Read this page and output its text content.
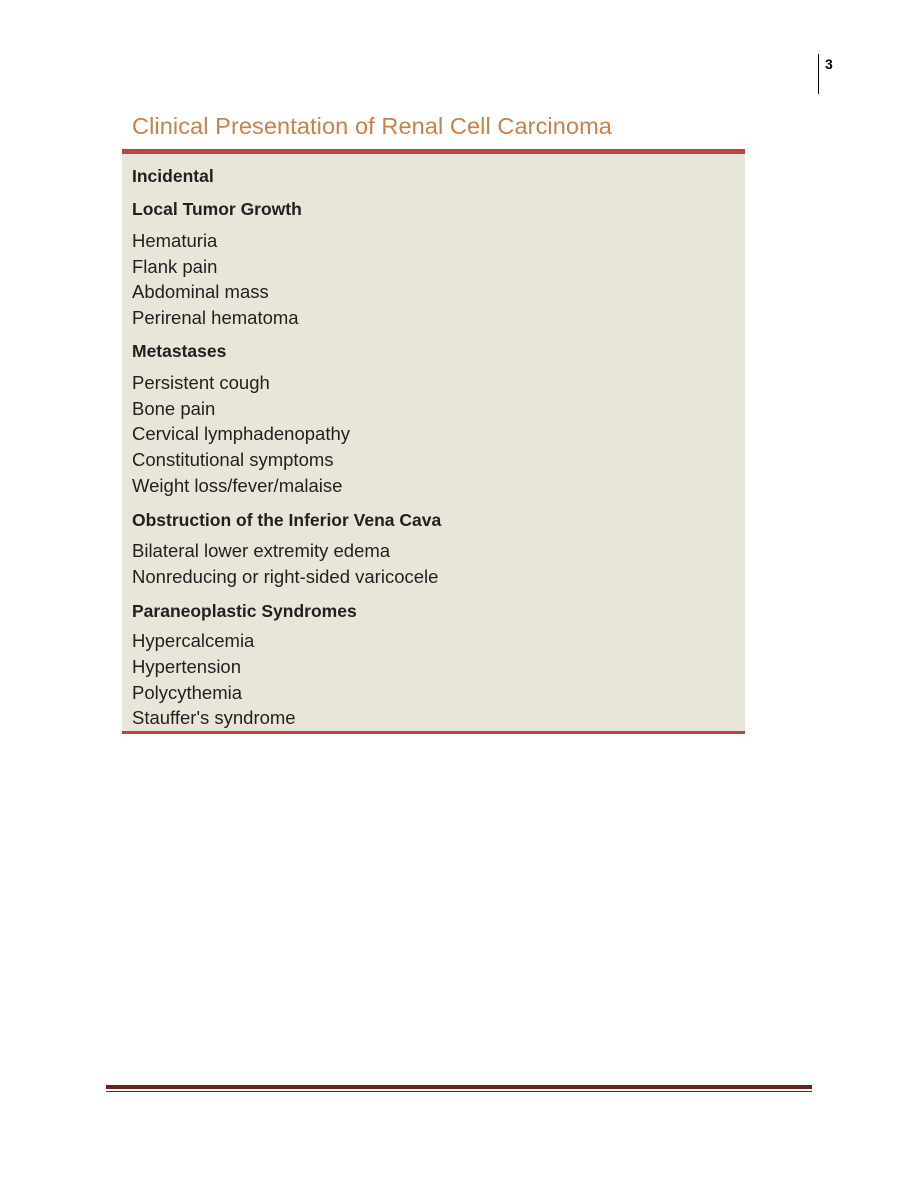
3
Clinical Presentation of Renal Cell Carcinoma
Incidental
Local Tumor Growth
Hematuria
Flank pain
Abdominal mass
Perirenal hematoma
Metastases
Persistent cough
Bone pain
Cervical lymphadenopathy
Constitutional symptoms
Weight loss/fever/malaise
Obstruction of the Inferior Vena Cava
Bilateral lower extremity edema
Nonreducing or right-sided varicocele
Paraneoplastic Syndromes
Hypercalcemia
Hypertension
Polycythemia
Stauffer's syndrome
